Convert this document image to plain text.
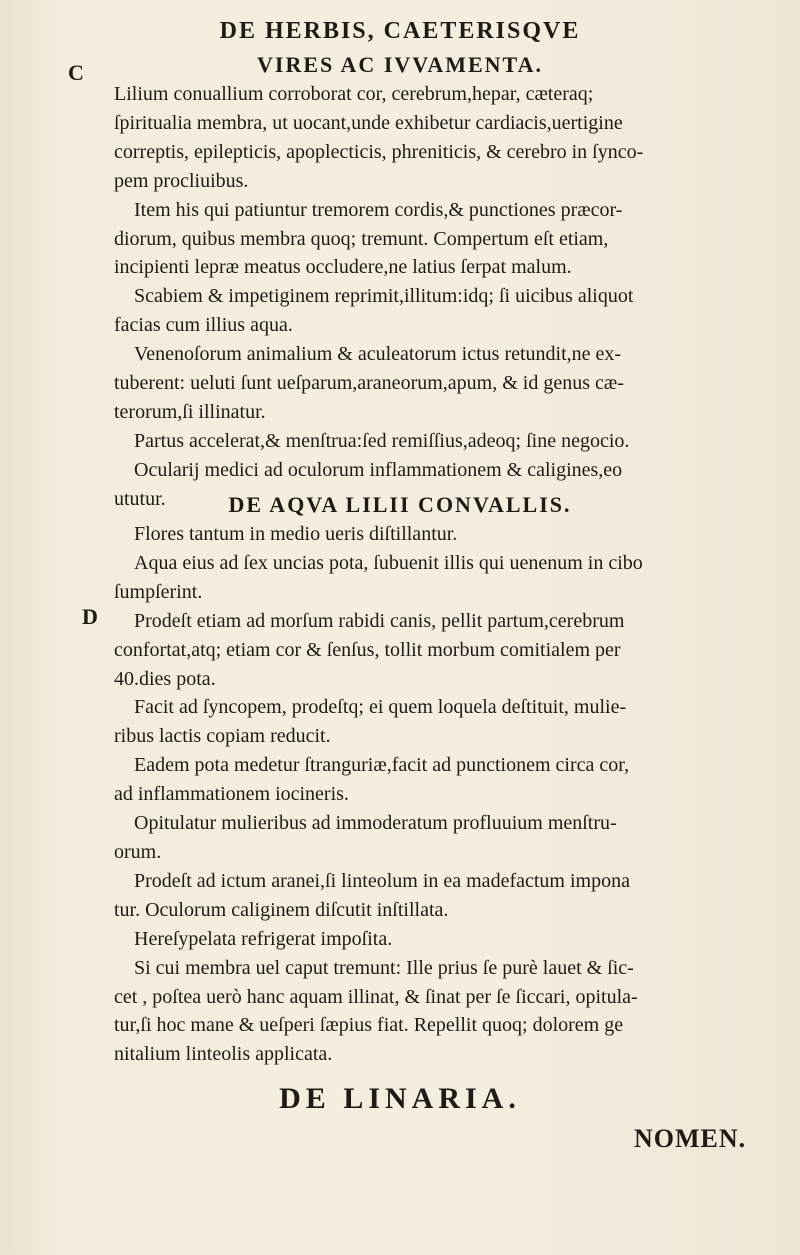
DE HERBIS, CAETERISQVE
C	VIRES AC IVVAMENTA.
Lilium conuallium corroborat cor, cerebrum,hepar, cæteraq;
ſpiritualia membra, ut uocant,unde exhibetur cardiacis,uertigine
correptis, epilepticis, apoplecticis, phreniticis, & cerebro in ſynco-
pem procliuibus.
Item his qui patiuntur tremorem cordis,& punctiones præcor-
diorum, quibus membra quoq; tremunt. Compertum eſt etiam,
incipienti lepræ meatus occludere,ne latius ſerpat malum.
Scabiem & impetiginem reprimit,illitum:idq; ſi uicibus aliquot
facias cum illius aqua.
Venenoſorum animalium & aculeatorum ictus retundit,ne ex-
tuberent: ueluti ſunt ueſparum,araneorum,apum, & id genus cæ-
terorum,ſi illinatur.
Partus accelerat,& menſtrua:ſed remiſſius,adeoq; ſine negocio.
Ocularij medici ad oculorum inflammationem & caligines,eo
ututur.	DE AQVA LILII CONVALLIS.
D
Flores tantum in medio ueris diſtillantur.
Aqua eius ad ſex uncias pota, ſubuenit illis qui uenenum in cibo
ſumpſerint.
Prodeſt etiam ad morſum rabidi canis, pellit partum,cerebrum
confortat,atq; etiam cor & ſenſus, tollit morbum comitialem per
40.dies pota.
Facit ad ſyncopem, prodeſtq; ei quem loquela deſtituit, mulie-
ribus lactis copiam reducit.
Eadem pota medetur ſtranguriæ,facit ad punctionem circa cor,
ad inflammationem iocineris.
Opitulatur mulieribus ad immoderatum profluuium menſtru-
orum.
Prodeſt ad ictum aranei,ſi linteolum in ea madefactum impona
tur. Oculorum caliginem diſcutit inſtillata.
Hereſypelata refrigerat impoſita.
Si cui membra uel caput tremunt: Ille prius ſe purè lauet & ſic-
cet , poſtea uerò hanc aquam illinat, & ſinat per ſe ſiccari, opitula-
tur,ſi hoc mane & ueſperi ſæpius fiat. Repellit quoq; dolorem ge
nitalium linteolis applicata.
DE LINARIA.
NOMEN.
